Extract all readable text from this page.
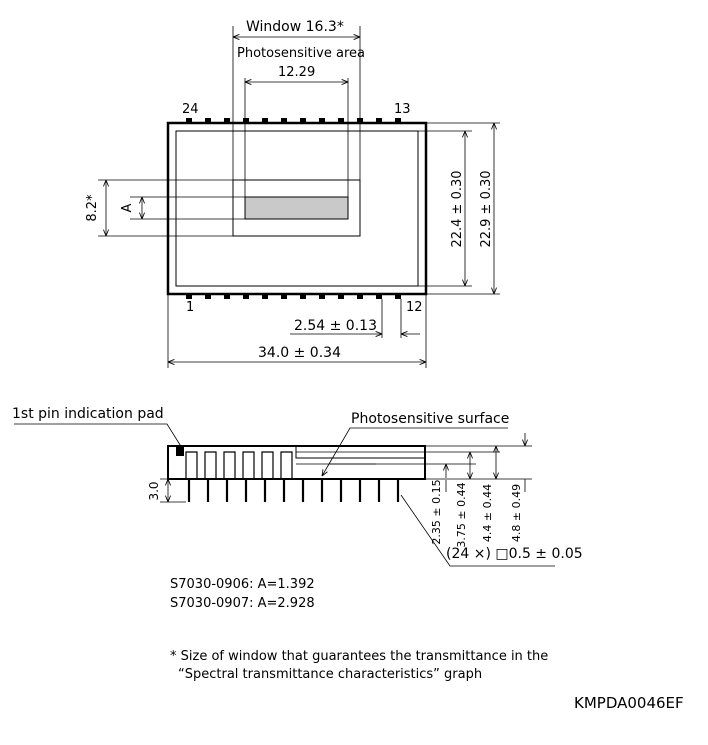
8.2* A	22.4 ± 0.30 22.9 ± 0.30
3.0	2.35 ± 0.15 3.75 ± 0.44 4.4 ± 0.44 4.8 ± 0.49
Window 16.3*
Photosensitive area
12.29
24	13
1	12
2.54 ± 0.13
34.0 ± 0.34
1st pin indication pad	Photosensitive surface
(24 ×) □0.5 ± 0.05
S7030-0906: A=1.392
S7030-0907: A=2.928
* Size of window that guarantees the transmittance in the
“Spectral transmittance characteristics” graph
KMPDA0046EF
